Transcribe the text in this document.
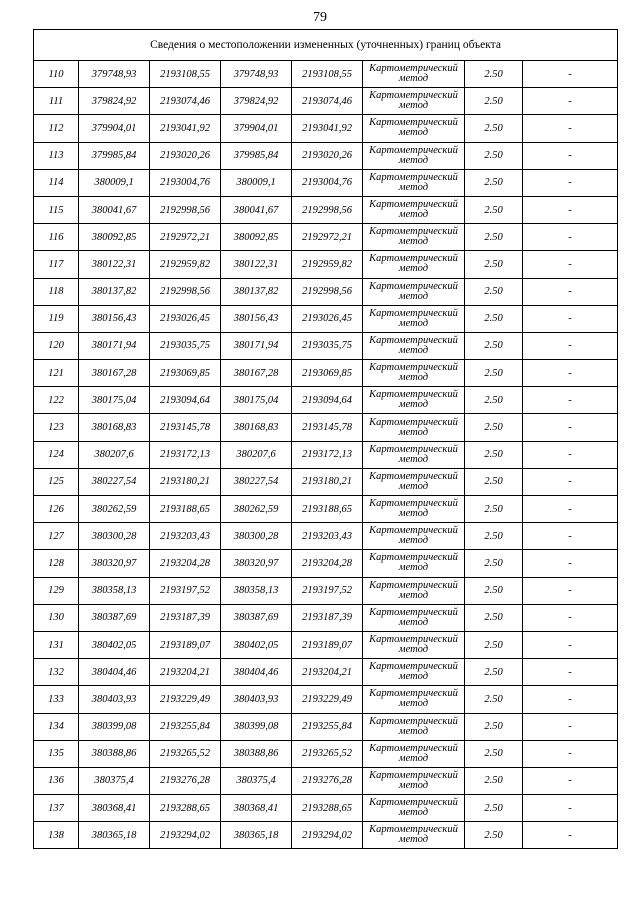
79
Сведения о местоположении измененных (уточненных) границ объекта							
110	379748,93	2193108,55	379748,93	2193108,55	Картометрический метод	2.50	-
111	379824,92	2193074,46	379824,92	2193074,46	Картометрический метод	2.50	-
112	379904,01	2193041,92	379904,01	2193041,92	Картометрический метод	2.50	-
113	379985,84	2193020,26	379985,84	2193020,26	Картометрический метод	2.50	-
114	380009,1	2193004,76	380009,1	2193004,76	Картометрический метод	2.50	-
115	380041,67	2192998,56	380041,67	2192998,56	Картометрический метод	2.50	-
116	380092,85	2192972,21	380092,85	2192972,21	Картометрический метод	2.50	-
117	380122,31	2192959,82	380122,31	2192959,82	Картометрический метод	2.50	-
118	380137,82	2192998,56	380137,82	2192998,56	Картометрический метод	2.50	-
119	380156,43	2193026,45	380156,43	2193026,45	Картометрический метод	2.50	-
120	380171,94	2193035,75	380171,94	2193035,75	Картометрический метод	2.50	-
121	380167,28	2193069,85	380167,28	2193069,85	Картометрический метод	2.50	-
122	380175,04	2193094,64	380175,04	2193094,64	Картометрический метод	2.50	-
123	380168,83	2193145,78	380168,83	2193145,78	Картометрический метод	2.50	-
124	380207,6	2193172,13	380207,6	2193172,13	Картометрический метод	2.50	-
125	380227,54	2193180,21	380227,54	2193180,21	Картометрический метод	2.50	-
126	380262,59	2193188,65	380262,59	2193188,65	Картометрический метод	2.50	-
127	380300,28	2193203,43	380300,28	2193203,43	Картометрический метод	2.50	-
128	380320,97	2193204,28	380320,97	2193204,28	Картометрический метод	2.50	-
129	380358,13	2193197,52	380358,13	2193197,52	Картометрический метод	2.50	-
130	380387,69	2193187,39	380387,69	2193187,39	Картометрический метод	2.50	-
131	380402,05	2193189,07	380402,05	2193189,07	Картометрический метод	2.50	-
132	380404,46	2193204,21	380404,46	2193204,21	Картометрический метод	2.50	-
133	380403,93	2193229,49	380403,93	2193229,49	Картометрический метод	2.50	-
134	380399,08	2193255,84	380399,08	2193255,84	Картометрический метод	2.50	-
135	380388,86	2193265,52	380388,86	2193265,52	Картометрический метод	2.50	-
136	380375,4	2193276,28	380375,4	2193276,28	Картометрический метод	2.50	-
137	380368,41	2193288,65	380368,41	2193288,65	Картометрический метод	2.50	-
138	380365,18	2193294,02	380365,18	2193294,02	Картометрический метод	2.50	-
